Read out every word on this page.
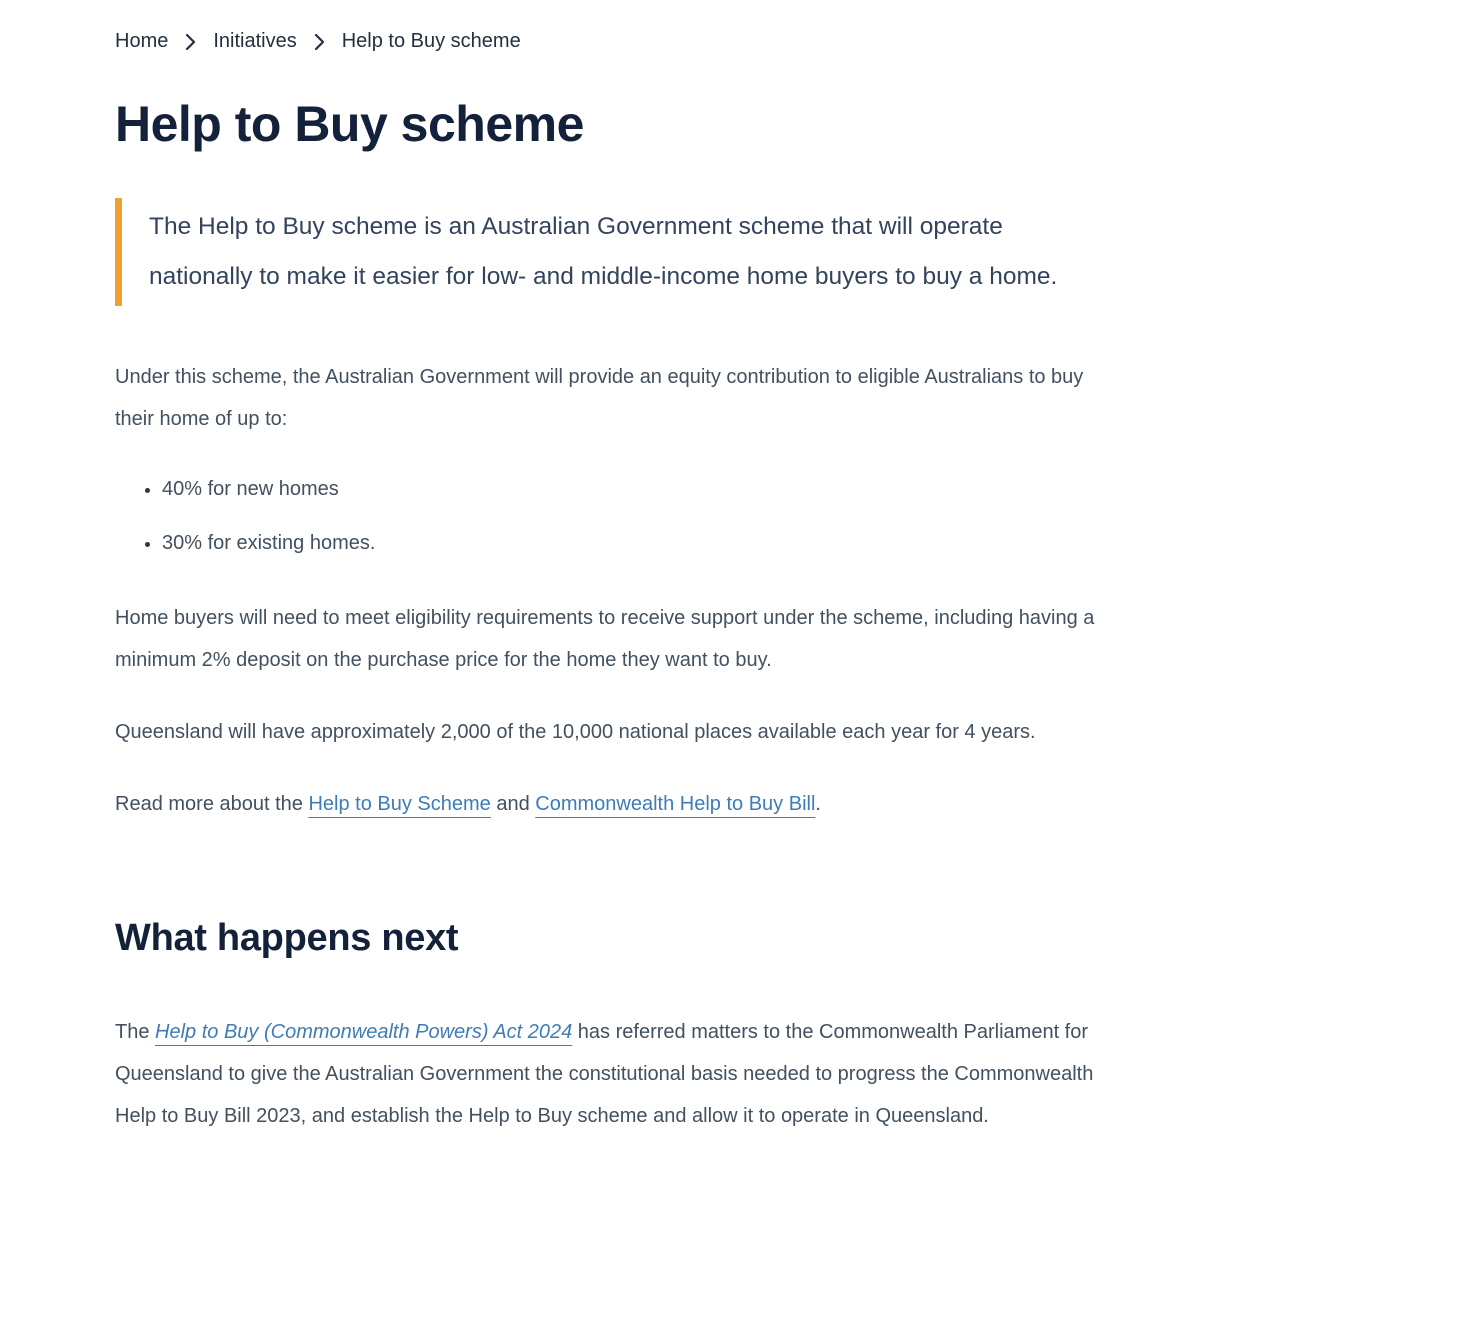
Home Initiatives Help to Buy scheme
Help to Buy scheme
The Help to Buy scheme is an Australian Government scheme that will operate nationally to make it easier for low- and middle-income home buyers to buy a home.

Under this scheme, the Australian Government will provide an equity contribution to eligible Australians to buy their home of up to:

• 40% for new homes
• 30% for existing homes.

Home buyers will need to meet eligibility requirements to receive support under the scheme, including having a minimum 2% deposit on the purchase price for the home they want to buy.

Queensland will have approximately 2,000 of the 10,000 national places available each year for 4 years.

Read more about the Help to Buy Scheme and Commonwealth Help to Buy Bill.

What happens next

The Help to Buy (Commonwealth Powers) Act 2024 has referred matters to the Commonwealth Parliament for Queensland to give the Australian Government the constitutional basis needed to progress the Commonwealth Help to Buy Bill 2023, and establish the Help to Buy scheme and allow it to operate in Queensland.
